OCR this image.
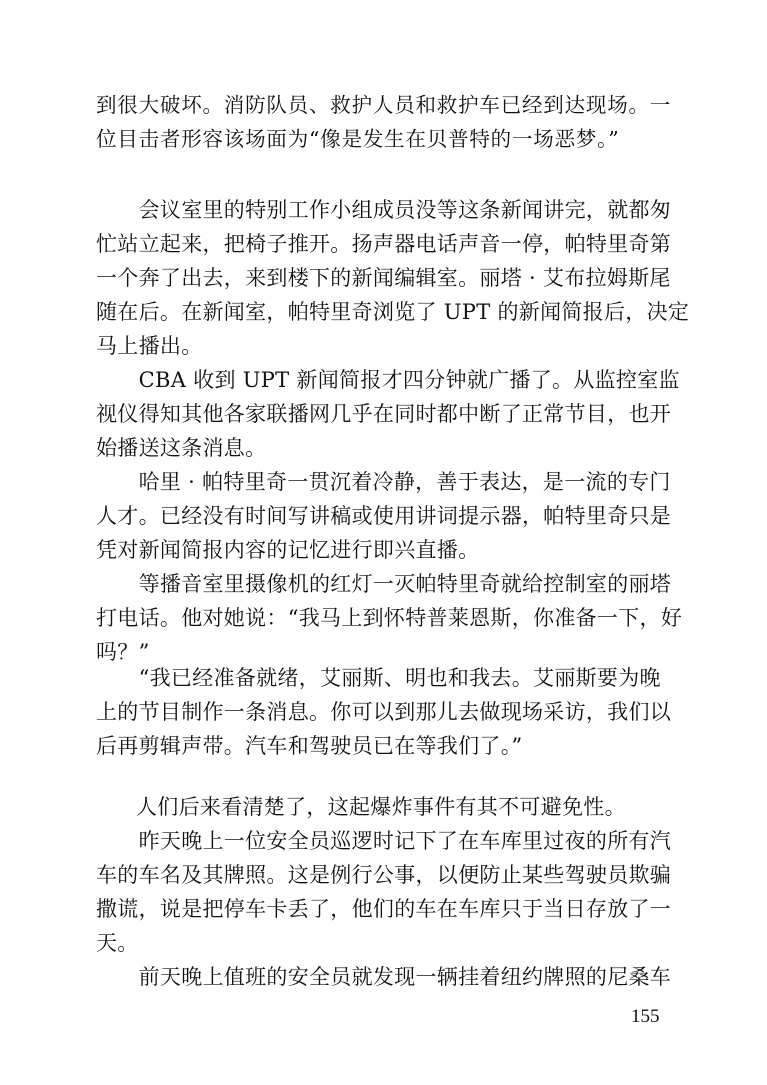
到很大破坏。消防队员、救护人员和救护车已经到达现场。一
位目击者形容该场面为“像是发生在贝普特的一场恶梦。”
　　会议室里的特别工作小组成员没等这条新闻讲完，就都匆
忙站立起来，把椅子推开。扬声器电话声音一停，帕特里奇第
一个奔了出去，来到楼下的新闻编辑室。丽塔 · 艾布拉姆斯尾
随在后。在新闻室，帕特里奇浏览了 UPT 的新闻简报后，决定
马上播出。
　　CBA 收到 UPT 新闻简报才四分钟就广播了。从监控室监
视仪得知其他各家联播网几乎在同时都中断了正常节目，也开
始播送这条消息。
　　哈里 · 帕特里奇一贯沉着冷静，善于表达，是一流的专门
人才。已经没有时间写讲稿或使用讲词提示器，帕特里奇只是
凭对新闻简报内容的记忆进行即兴直播。
　　等播音室里摄像机的红灯一灭帕特里奇就给控制室的丽塔
打电话。他对她说：“我马上到怀特普莱恩斯，你准备一下，好
吗？”
　　“我已经准备就绪，艾丽斯、明也和我去。艾丽斯要为晚
上的节目制作一条消息。你可以到那儿去做现场采访，我们以
后再剪辑声带。汽车和驾驶员已在等我们了。”
人们后来看清楚了，这起爆炸事件有其不可避免性。
　　昨天晚上一位安全员巡逻时记下了在车库里过夜的所有汽
车的车名及其牌照。这是例行公事，以便防止某些驾驶员欺骗
撒谎，说是把停车卡丢了，他们的车在车库只于当日存放了一
天。
　　前天晚上值班的安全员就发现一辆挂着纽约牌照的尼桑车
155
